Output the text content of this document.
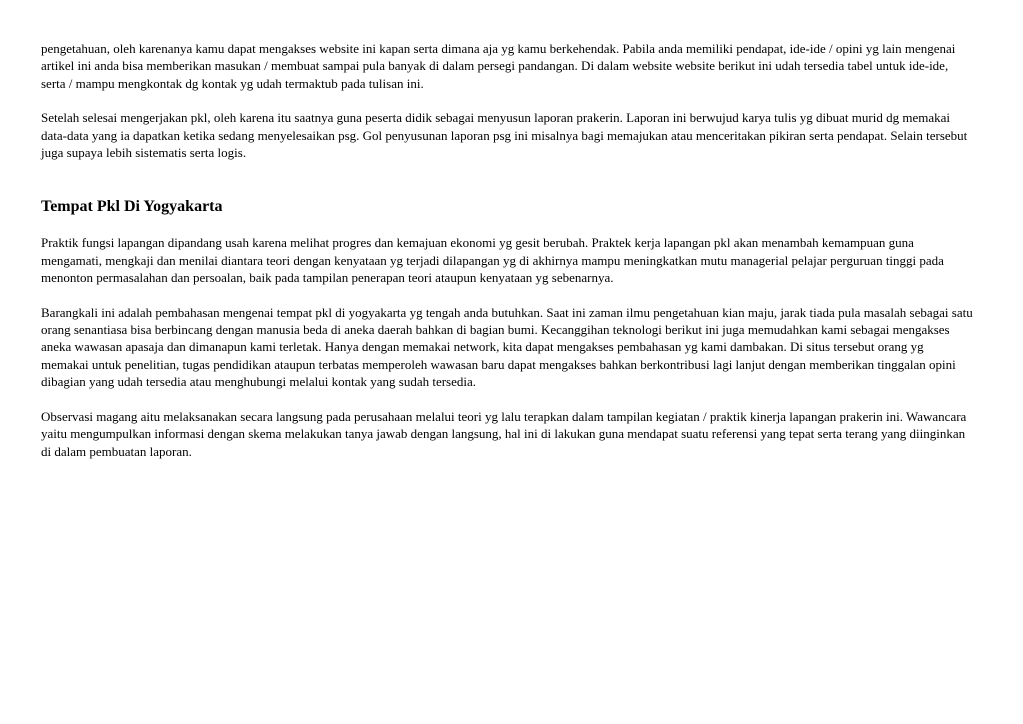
pengetahuan, oleh karenanya kamu dapat mengakses website ini kapan serta dimana aja yg kamu berkehendak. Pabila anda memiliki pendapat, ide-ide / opini yg lain mengenai artikel ini anda bisa memberikan masukan / membuat sampai pula banyak di dalam persegi pandangan. Di dalam website website berikut ini udah tersedia tabel untuk ide-ide, serta / mampu mengkontak dg kontak yg udah termaktub pada tulisan ini.

Setelah selesai mengerjakan pkl, oleh karena itu saatnya guna peserta didik sebagai menyusun laporan prakerin. Laporan ini berwujud karya tulis yg dibuat murid dg memakai data-data yang ia dapatkan ketika sedang menyelesaikan psg. Gol penyusunan laporan psg ini misalnya bagi memajukan atau menceritakan pikiran serta pendapat. Selain tersebut juga supaya lebih sistematis serta logis.

Tempat Pkl Di Yogyakarta

Praktik fungsi lapangan dipandang usah karena melihat progres dan kemajuan ekonomi yg gesit berubah. Praktek kerja lapangan pkl akan menambah kemampuan guna mengamati, mengkaji dan menilai diantara teori dengan kenyataan yg terjadi dilapangan yg di akhirnya mampu meningkatkan mutu managerial pelajar perguruan tinggi pada menonton permasalahan dan persoalan, baik pada tampilan penerapan teori ataupun kenyataan yg sebenarnya.

Barangkali ini adalah pembahasan mengenai tempat pkl di yogyakarta yg tengah anda butuhkan. Saat ini zaman ilmu pengetahuan kian maju, jarak tiada pula masalah sebagai satu orang senantiasa bisa berbincang dengan manusia beda di aneka daerah bahkan di bagian bumi. Kecanggihan teknologi berikut ini juga memudahkan kami sebagai mengakses aneka wawasan apasaja dan dimanapun kami terletak. Hanya dengan memakai network, kita dapat mengakses pembahasan yg kami dambakan. Di situs tersebut orang yg memakai untuk penelitian, tugas pendidikan ataupun terbatas memperoleh wawasan baru dapat mengakses bahkan berkontribusi lagi lanjut dengan memberikan tinggalan opini dibagian yang udah tersedia atau menghubungi melalui kontak yang sudah tersedia.

Observasi magang aitu melaksanakan secara langsung pada perusahaan melalui teori yg lalu terapkan dalam tampilan kegiatan / praktik kinerja lapangan prakerin ini. Wawancara yaitu mengumpulkan informasi dengan skema melakukan tanya jawab dengan langsung, hal ini di lakukan guna mendapat suatu referensi yang tepat serta terang yang diinginkan di dalam pembuatan laporan.
